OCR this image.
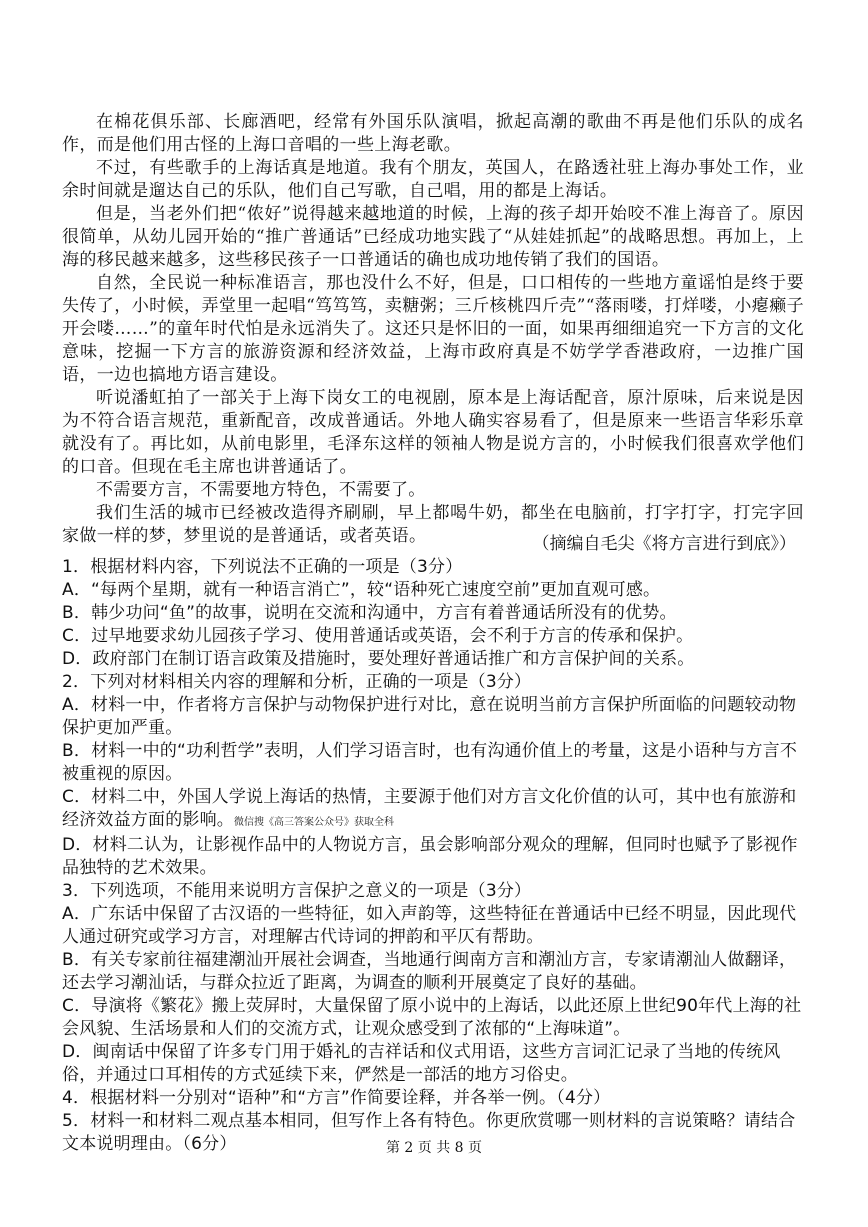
在棉花俱乐部、长廊酒吧，经常有外国乐队演唱，掀起高潮的歌曲不再是他们乐队的成名作，而是他们用古怪的上海口音唱的一些上海老歌。

不过，有些歌手的上海话真是地道。我有个朋友，英国人，在路透社驻上海办事处工作，业余时间就是遛达自己的乐队，他们自己写歌，自己唱，用的都是上海话。

但是，当老外们把“侬好”说得越来越地道的时候，上海的孩子却开始咬不准上海音了。原因很简单，从幼儿园开始的“推广普通话”已经成功地实践了“从娃娃抓起”的战略思想。再加上，上海的移民越来越多，这些移民孩子一口普通话的确也成功地传销了我们的国语。

自然，全民说一种标准语言，那也没什么不好，但是，口口相传的一些地方童谣怕是终于要失传了，小时候，弄堂里一起唱“笃笃笃，卖糖粥；三斤核桃四斤壳”“落雨喽，打烊喽，小瘪癞子开会喽……”的童年时代怕是永远消失了。这还只是怀旧的一面，如果再细细追究一下方言的文化意味，挖掘一下方言的旅游资源和经济效益，上海市政府真是不妨学学香港政府，一边推广国语，一边也搞地方语言建设。

听说潘虹拍了一部关于上海下岗女工的电视剧，原本是上海话配音，原汁原味，后来说是因为不符合语言规范，重新配音，改成普通话。外地人确实容易看了，但是原来一些语言华彩乐章就没有了。再比如，从前电影里，毛泽东这样的领袖人物是说方言的，小时候我们很喜欢学他们的口音。但现在毛主席也讲普通话了。

不需要方言，不需要地方特色，不需要了。

我们生活的城市已经被改造得齐刷刷，早上都喝牛奶，都坐在电脑前，打字打字，打完字回家做一样的梦，梦里说的是普通话，或者英语。	（摘编自毛尖《将方言进行到底》）
1．根据材料内容，下列说法不正确的一项是（3分）
A．“每两个星期，就有一种语言消亡”，较“语种死亡速度空前”更加直观可感。
B．韩少功问“鱼”的故事，说明在交流和沟通中，方言有着普通话所没有的优势。
C．过早地要求幼儿园孩子学习、使用普通话或英语，会不利于方言的传承和保护。
D．政府部门在制订语言政策及措施时，要处理好普通话推广和方言保护间的关系。
2．下列对材料相关内容的理解和分析，正确的一项是（3分）
A．材料一中，作者将方言保护与动物保护进行对比，意在说明当前方言保护所面临的问题较动物保护更加严重。
B．材料一中的“功利哲学”表明，人们学习语言时，也有沟通价值上的考量，这是小语种与方言不被重视的原因。
C．材料二中，外国人学说上海话的热情，主要源于他们对方言文化价值的认可，其中也有旅游和经济效益方面的影响。微信搜《高三答案公众号》获取全科
D．材料二认为，让影视作品中的人物说方言，虽会影响部分观众的理解，但同时也赋予了影视作品独特的艺术效果。
3．下列选项，不能用来说明方言保护之意义的一项是（3分）
A．广东话中保留了古汉语的一些特征，如入声韵等，这些特征在普通话中已经不明显，因此现代人通过研究或学习方言，对理解古代诗词的押韵和平仄有帮助。
B．有关专家前往福建潮汕开展社会调查，当地通行闽南方言和潮汕方言，专家请潮汕人做翻译，还去学习潮汕话，与群众拉近了距离，为调查的顺利开展奠定了良好的基础。
C．导演将《繁花》搬上荧屏时，大量保留了原小说中的上海话，以此还原上世纪90年代上海的社会风貌、生活场景和人们的交流方式，让观众感受到了浓郁的“上海味道”。
D．闽南话中保留了许多专门用于婚礼的吉祥话和仪式用语，这些方言词汇记录了当地的传统风俗，并通过口耳相传的方式延续下来，俨然是一部活的地方习俗史。
4．根据材料一分别对“语种”和“方言”作简要诠释，并各举一例。（4分）
5．材料一和材料二观点基本相同，但写作上各有特色。你更欣赏哪一则材料的言说策略？请结合文本说明理由。（6分）	第 2 页 共 8 页
